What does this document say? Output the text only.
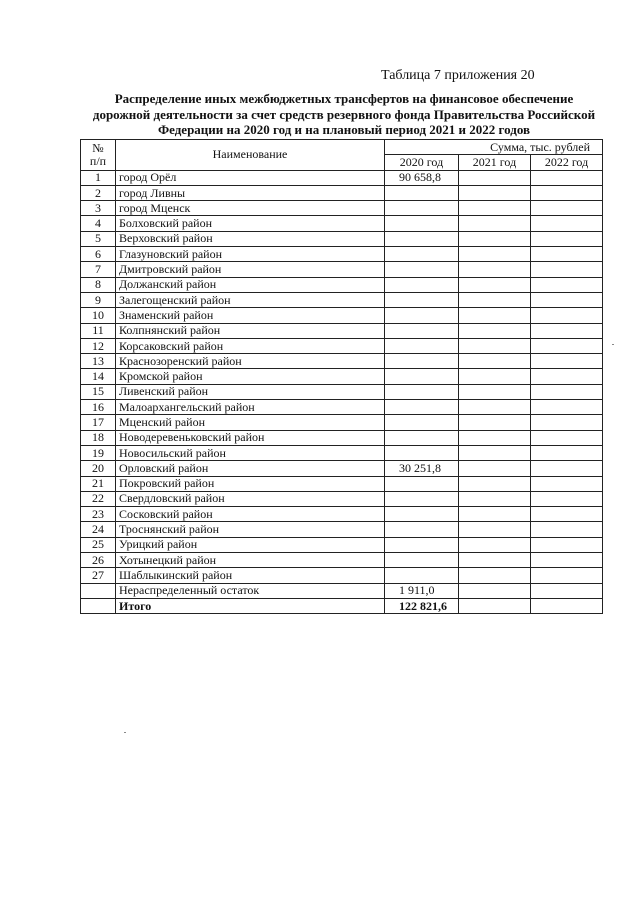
Таблица 7 приложения 20
Распределение иных межбюджетных трансфертов на финансовое обеспечение
дорожной деятельности за счет средств резервного фонда Правительства Российской
Федерации на 2020 год и на плановый период 2021 и 2022 годов
№
п/п	Наименование	Сумма, тыс. рублей		
		2020 год	2021 год	2022 год
1	город Орёл	90 658,8		
2	город Ливны			
3	город Мценск			
4	Болховский район			
5	Верховский район			
6	Глазуновский район			
7	Дмитровский район			
8	Должанский район			
9	Залегощенский район			
10	Знаменский район			
11	Колпнянский район			
12	Корсаковский район			
13	Краснозоренский район			
14	Кромской район			
15	Ливенский район			
16	Малоархангельский район			
17	Мценский район			
18	Новодеревеньковский район			
19	Новосильский район			
20	Орловский район	30 251,8		
21	Покровский район			
22	Свердловский район			
23	Сосковский район			
24	Троснянский район			
25	Урицкий район			
26	Хотынецкий район			
27	Шаблыкинский район			
	Нераспределенный остаток	1 911,0		
	Итого	122 821,6		
